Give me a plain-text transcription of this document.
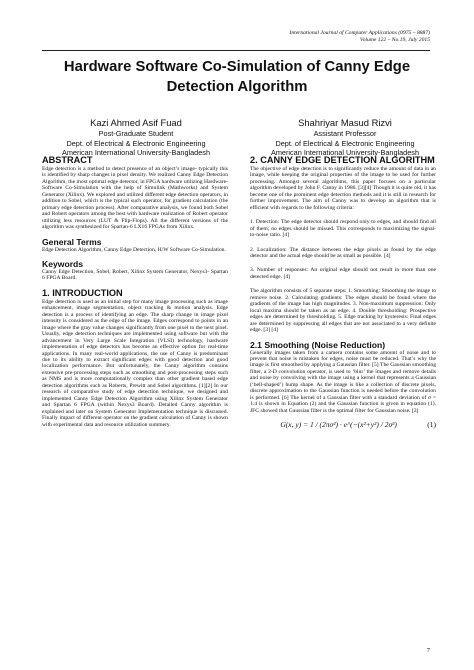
International Journal of Computer Applications (0975 – 8887)
Volume 122 – No.19, July 2015
Hardware Software Co-Simulation of Canny Edge
Detection Algorithm
Kazi Ahmed Asif Fuad
Post-Graduate Student
Dept. of Electrical & Electronic Engineering
American International University-Bangladesh
Shahriyar Masud Rizvi
Assistant Professor
Dept. of Electrical & Electronic Engineering
American International University-Bangladesh
ABSTRACT

Edge detection is a method to detect presence of an object’s image- typically this is identified by sharp changes in pixel density. We realized Canny Edge Detection Algorithm, the most optimal edge detector, in FPGA hardware utilizing Hardware-Software Co-Simulation with the help of Simulink (Mathworks) and System Generator (Xilinx). We explored and utilized different edge detection operators, in addition to Sobel, which is the typical such operator, for gradient calculation (the primary edge detection process). After comparative analysis, we found both Sobel and Robert operators among the best with hardware realization of Robert operator utilizing less resources (LUT & Flip-Flops). All the different versions of the algorithm was synthesized for Spartan-6 LX16 FPGAs from Xilinx.

General Terms

Edge Detection Algorithm, Canny Edge Detection, H/W Software Co-Simulation.

Keywords

Canny Edge Detection, Sobel, Robert, Xilinx System Generator, Nexys3- Spartan 6 FPGA Board.

1. INTRODUCTION

Edge detection is used as an initial step for many image processing such as image enhancement, image segmentation, object tracking & motion analysis. Edge detection is a process of identifying an edge. The sharp change in image pixel intensity is considered as the edge of the image. Edges correspond to points in an image where the gray value changes significantly from one pixel to the next pixel. Usually, edge detection techniques are implemented using software but with the advancement in Very Large Scale Integration (VLSI) technology, hardware implementation of edge detectors has become an effective option for real-time applications. In many real-world applications, the use of Canny is predominant due to its ability to extract significant edges with good detection and good localization performance. But unfortunately, the Canny algorithm contains extensive pre-processing steps such as smoothing and post-processing steps such as NMS and is more computationally complex than other gradient based edge detection algorithms such as Roberts, Prewitt and Sobel algorithms. [1][2] In our research of comparative study of edge detection technique, we designed and implemented Canny Edge Detection Algorithm using Xilinx System Generator and Spartan 6 FPGA (within Nexys3 Board). Detailed Canny algorithm is explained and later on System Generator Implementation technique is discussed. Finally impact of different operator on the gradient calculation of Canny is shown with experimental data and resource utilization summery.

2. CANNY EDGE DETECTION ALGORITHM

The objective of edge detection is to significantly reduce the amount of data in an image, while keeping the original properties of the image to be used for further processing. Amongst several algorithms, this paper focuses on a particular algorithm developed by John F. Canny in 1986. [3][4] Though it is quite old, it has become one of the prominent edge detection methods and it is still in research for further improvement. The aim of Canny was to develop an algorithm that is efficient with regards to the following criteria:

1. Detection: The edge detector should respond only to edges, and should find all of them; no edges should be missed. This corresponds to maximizing the signal-to-noise ratio. [4]

2. Localization: The distance between the edge pixels as found by the edge detector and the actual edge should be as small as possible. [4]

3. Number of responses: An original edge should not result in more than one detected edge. [4]

The algorithm consists of 5 separate steps: 1. Smoothing: Smoothing the image to remove noise. 2. Calculating gradients: The edges should be found where the gradients of the image has high magnitudes. 3. Non-maximum suppression: Only local maxima should be taken as an edge. 4. Double thresholding: Prospective edges are determined by thresholding. 5. Edge tracking by hysteresis: Final edges are determined by suppressing all edges that are not associated to a very definite edge. [3] [4]

2.1 Smoothing (Noise Reduction)

Generally images taken from a camera contains some amount of noise and to prevent that noise is mistaken for edges, noise must be reduced. That’s why the image is first smoothed by applying a Gaussian filter. [5] The Gaussian smoothing filter, a 2-D convolution operator, is used to ‘blur’ the images and remove details and noise by convolving with the image using a kernel that represents a Gaussian (‘bell-shaped’) hump shape. As the image is like a collection of discrete pixels, discrete approximation to the Gaussian function is needed before the convolution is performed. [6] The kernel of a Gaussian filter with a standard deviation of σ = 1.4 is shown in Equation (2) and the Gaussian function is given in equation (1). JFC showed that Gaussian filter is the optimal filter for Gaussian noise. [3]

G(x, y) = 1 / (2πσ²) · e^(−(x²+y²) / 2σ²)	(1)
7
